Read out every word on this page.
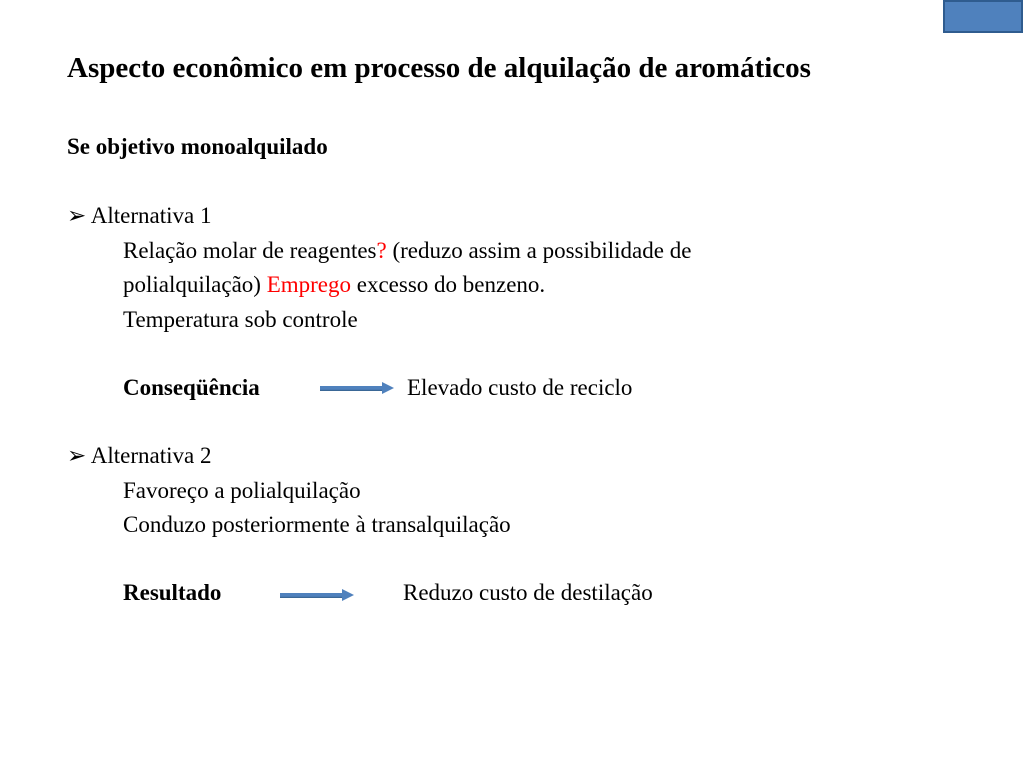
Aspecto econômico em processo de alquilação de aromáticos
Se objetivo monoalquilado
➢ Alternativa 1
Relação molar de reagentes? (reduzo assim a possibilidade de
polialquilação) Emprego excesso do benzeno.
Temperatura sob controle
Conseqüência	Elevado custo de reciclo
➢ Alternativa 2
Favoreço a polialquilação
Conduzo posteriormente à transalquilação
Resultado	Reduzo custo de destilação
